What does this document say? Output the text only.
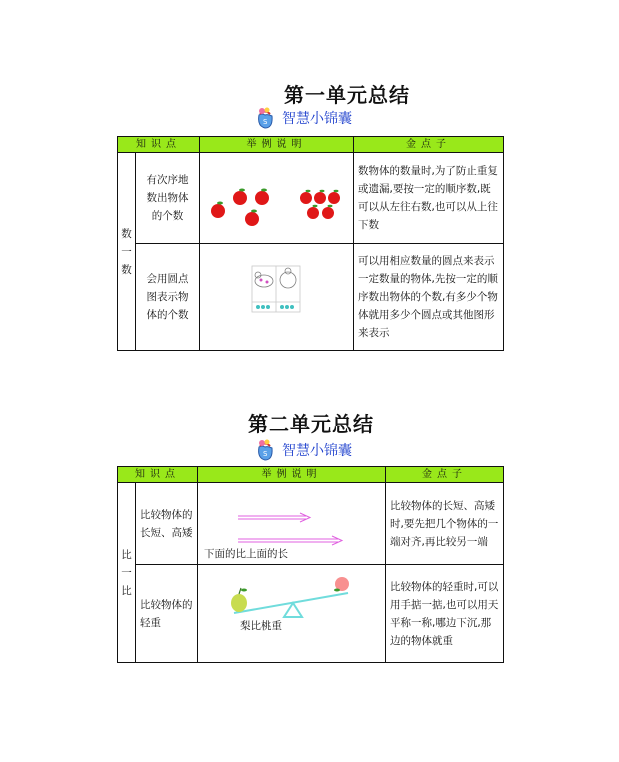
第一单元总结
S 智慧小锦囊
知识点		举例说明	金点子

数一数	有次序地数出物体的个数		数物体的数量时,为了防止重复或遗漏,要按一定的顺序数,既可以从左往右数,也可以从上往下数

	会用圆点图表示物体的个数		可以用相应数量的圆点来表示一定数量的物体,先按一定的顺序数出物体的个数,有多少个物体就用多少个圆点或其他图形来表示
第二单元总结
S 智慧小锦囊
知识点		举例说明	金点子

比一比	比较物体的长短、高矮	下面的比上面的长	比较物体的长短、高矮时,要先把几个物体的一端对齐,再比较另一端
	比较物体的轻重	梨比桃重	比较物体的轻重时,可以用手掂一掂,也可以用天平称一称,哪边下沉,那边的物体就重
